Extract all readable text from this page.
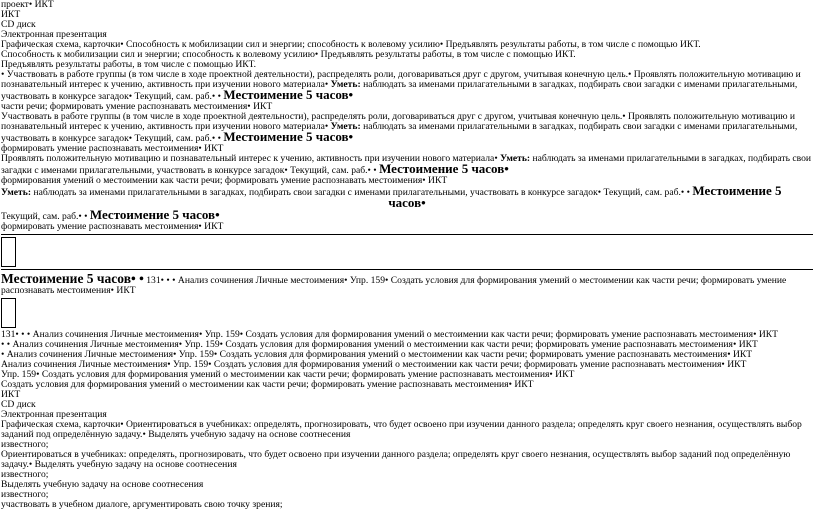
проект• ИКТ

ИКТ

CD диск

Электронная презентация

Графическая схема, карточки• Способность к мобилизации сил и энергии; способность к волевому усилию• Предъявлять результаты работы, в том числе с помощью ИКТ.

Способность к мобилизации сил и энергии; способность к волевому усилию• Предъявлять результаты работы, в том числе с помощью ИКТ.

Предъявлять результаты работы, в том числе с помощью ИКТ.

• Участвовать в работе группы (в том числе в ходе проектной деятельности), распределять роли, договариваться друг с другом, учитывая конечную цель.• Проявлять положительную мотивацию и познавательный интерес к учению, активность при изучении нового материала• Уметь: наблюдать за именами прилагательными в загадках, подбирать свои загадки с именами прилагательными, участвовать в конкурсе загадок• Текущий, сам. раб.• • Местоимение 5 часов•

части речи; формировать умение распознавать местоимения• ИКТ

Участвовать в работе группы (в том числе в ходе проектной деятельности), распределять роли, договариваться друг с другом, учитывая конечную цель.• Проявлять положительную мотивацию и познавательный интерес к учению, активность при изучении нового материала• Уметь: наблюдать за именами прилагательными в загадках, подбирать свои загадки с именами прилагательными, участвовать в конкурсе загадок• Текущий, сам. раб.• • Местоимение 5 часов•

формировать умение распознавать местоимения• ИКТ

Проявлять положительную мотивацию и познавательный интерес к учению, активность при изучении нового материала• Уметь: наблюдать за именами прилагательными в загадках, подбирать свои загадки с именами прилагательными, участвовать в конкурсе загадок• Текущий, сам. раб.• • Местоимение 5 часов•

формирования умений о местоимении как части речи; формировать умение распознавать местоимения• ИКТ

Уметь: наблюдать за именами прилагательными в загадках, подбирать свои загадки с именами прилагательными, участвовать в конкурсе загадок• Текущий, сам. раб.• • Местоимение 5

часов•

Текущий, сам. раб.• • Местоимение 5 часов•

формировать умение распознавать местоимения• ИКТ

Местоимение 5 часов• • 131• • • Анализ сочинения Личные местоимения• Упр. 159• Создать условия для формирования умений о местоимении как части речи; формировать умение распознавать местоимения• ИКТ

131• • • Анализ сочинения Личные местоимения• Упр. 159• Создать условия для формирования умений о местоимении как части речи; формировать умение распознавать местоимения• ИКТ

• • Анализ сочинения Личные местоимения• Упр. 159• Создать условия для формирования умений о местоимении как части речи; формировать умение распознавать местоимения• ИКТ

• Анализ сочинения Личные местоимения• Упр. 159• Создать условия для формирования умений о местоимении как части речи; формировать умение распознавать местоимения• ИКТ

Анализ сочинения Личные местоимения• Упр. 159• Создать условия для формирования умений о местоимении как части речи; формировать умение распознавать местоимения• ИКТ

Упр. 159• Создать условия для формирования умений о местоимении как части речи; формировать умение распознавать местоимения• ИКТ

Создать условия для формирования умений о местоимении как части речи; формировать умение распознавать местоимения• ИКТ

ИКТ

CD диск

Электронная презентация

Графическая схема, карточки• Ориентироваться в учебниках: определять, прогнозировать, что будет освоено при изучении данного раздела; определять круг своего незнания, осуществлять выбор заданий под определённую задачу.• Выделять учебную задачу на основе соотнесения

известного;

Ориентироваться в учебниках: определять, прогнозировать, что будет освоено при изучении данного раздела; определять круг своего незнания, осуществлять выбор заданий под определённую задачу.• Выделять учебную задачу на основе соотнесения

известного;

Выделять учебную задачу на основе соотнесения

известного;

участвовать в учебном диалоге, аргументировать свою точку зрения;
